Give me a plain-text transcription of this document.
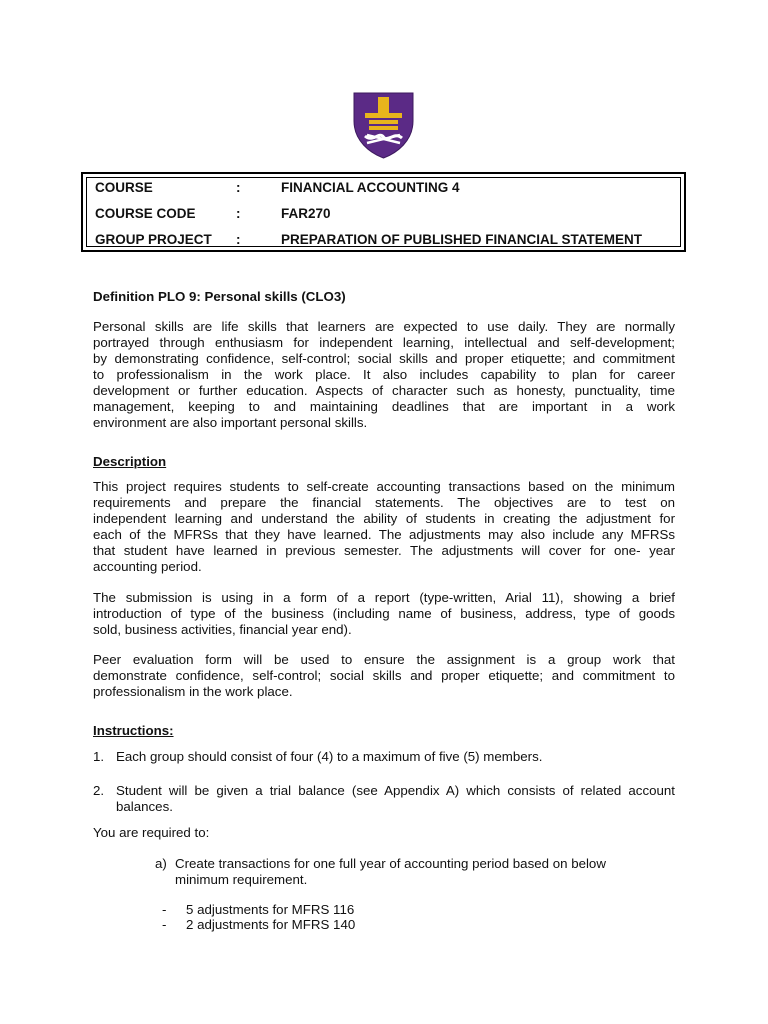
COURSE	:	FINANCIAL ACCOUNTING 4
COURSE CODE	:	FAR270
GROUP PROJECT :	PREPARATION OF PUBLISHED FINANCIAL STATEMENT
Definition PLO 9: Personal skills (CLO3)
Personal skills are life skills that learners are expected to use daily. They are normally
portrayed through enthusiasm for independent learning, intellectual and self-development;
by demonstrating confidence, self-control; social skills and proper etiquette; and commitment
to professionalism in the work place. It also includes capability to plan for career
development or further education. Aspects of character such as honesty, punctuality, time
management, keeping to and maintaining deadlines that are important in a work
environment are also important personal skills.
Description
This project requires students to self-create accounting transactions based on the minimum
requirements and prepare the financial statements. The objectives are to test on
independent learning and understand the ability of students in creating the adjustment for
each of the MFRSs that they have learned. The adjustments may also include any MFRSs
that student have learned in previous semester. The adjustments will cover for one- year
accounting period.
The submission is using in a form of a report (type-written, Arial 11), showing a brief
introduction of type of the business (including name of business, address, type of goods
sold, business activities, financial year end).
Peer evaluation form will be used to ensure the assignment is a group work that
demonstrate confidence, self-control; social skills and proper etiquette; and commitment to
professionalism in the work place.
Instructions:
1. Each group should consist of four (4) to a maximum of five (5) members.
2. Student will be given a trial balance (see Appendix A) which consists of related account
balances.
You are required to:
a) Create transactions for one full year of accounting period based on below
minimum requirement.
- 5 adjustments for MFRS 116
- 2 adjustments for MFRS 140
